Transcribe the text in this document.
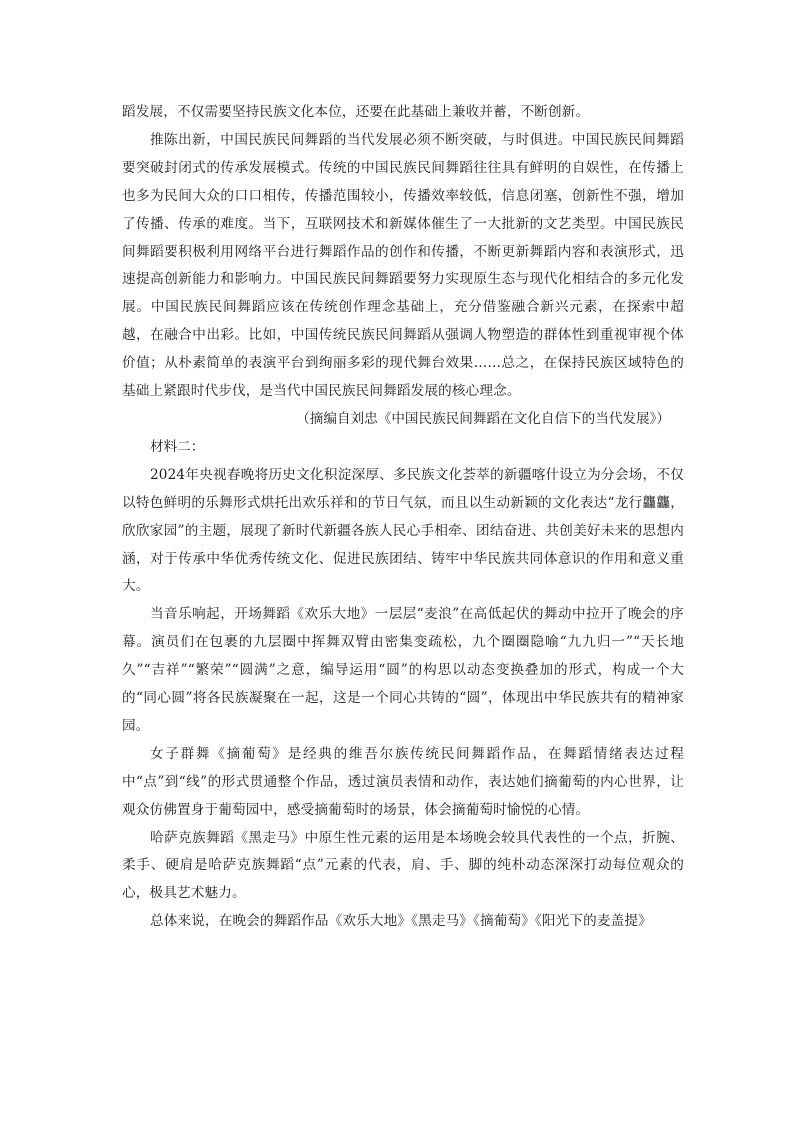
蹈发展，不仅需要坚持民族文化本位，还要在此基础上兼收并蓄，不断创新。

推陈出新，中国民族民间舞蹈的当代发展必须不断突破，与时俱进。中国民族民间舞蹈要突破封闭式的传承发展模式。传统的中国民族民间舞蹈往往具有鲜明的自娱性，在传播上也多为民间大众的口口相传，传播范围较小，传播效率较低，信息闭塞，创新性不强，增加了传播、传承的难度。当下，互联网技术和新媒体催生了一大批新的文艺类型。中国民族民间舞蹈要积极利用网络平台进行舞蹈作品的创作和传播，不断更新舞蹈内容和表演形式，迅速提高创新能力和影响力。中国民族民间舞蹈要努力实现原生态与现代化相结合的多元化发展。中国民族民间舞蹈应该在传统创作理念基础上，充分借鉴融合新兴元素，在探索中超越，在融合中出彩。比如，中国传统民族民间舞蹈从强调人物塑造的群体性到重视审视个体价值；从朴素简单的表演平台到绚丽多彩的现代舞台效果……总之，在保持民族区域特色的基础上紧跟时代步伐，是当代中国民族民间舞蹈发展的核心理念。

（摘编自刘忠《中国民族民间舞蹈在文化自信下的当代发展》）

材料二：

2024年央视春晚将历史文化积淀深厚、多民族文化荟萃的新疆喀什设立为分会场，不仅以特色鲜明的乐舞形式烘托出欢乐祥和的节日气氛，而且以生动新颖的文化表达“龙行龘龘，欣欣家园”的主题，展现了新时代新疆各族人民心手相牵、团结奋进、共创美好未来的思想内涵，对于传承中华优秀传统文化、促进民族团结、铸牢中华民族共同体意识的作用和意义重大。

当音乐响起，开场舞蹈《欢乐大地》一层层“麦浪”在高低起伏的舞动中拉开了晚会的序幕。演员们在包裹的九层圈中挥舞双臂由密集变疏松，九个圈圈隐喻“九九归一”“天长地久”“吉祥”“繁荣”“圆满”之意，编导运用“圆”的构思以动态变换叠加的形式，构成一个大的“同心圆”将各民族凝聚在一起，这是一个同心共铸的“圆”，体现出中华民族共有的精神家园。

女子群舞《摘葡萄》是经典的维吾尔族传统民间舞蹈作品，在舞蹈情绪表达过程中“点”到“线”的形式贯通整个作品，透过演员表情和动作，表达她们摘葡萄的内心世界，让观众仿佛置身于葡萄园中，感受摘葡萄时的场景，体会摘葡萄时愉悦的心情。

哈萨克族舞蹈《黑走马》中原生性元素的运用是本场晚会较具代表性的一个点，折腕、柔手、硬肩是哈萨克族舞蹈“点”元素的代表，肩、手、脚的纯朴动态深深打动每位观众的心，极具艺术魅力。

总体来说，在晚会的舞蹈作品《欢乐大地》《黑走马》《摘葡萄》《阳光下的麦盖提》
